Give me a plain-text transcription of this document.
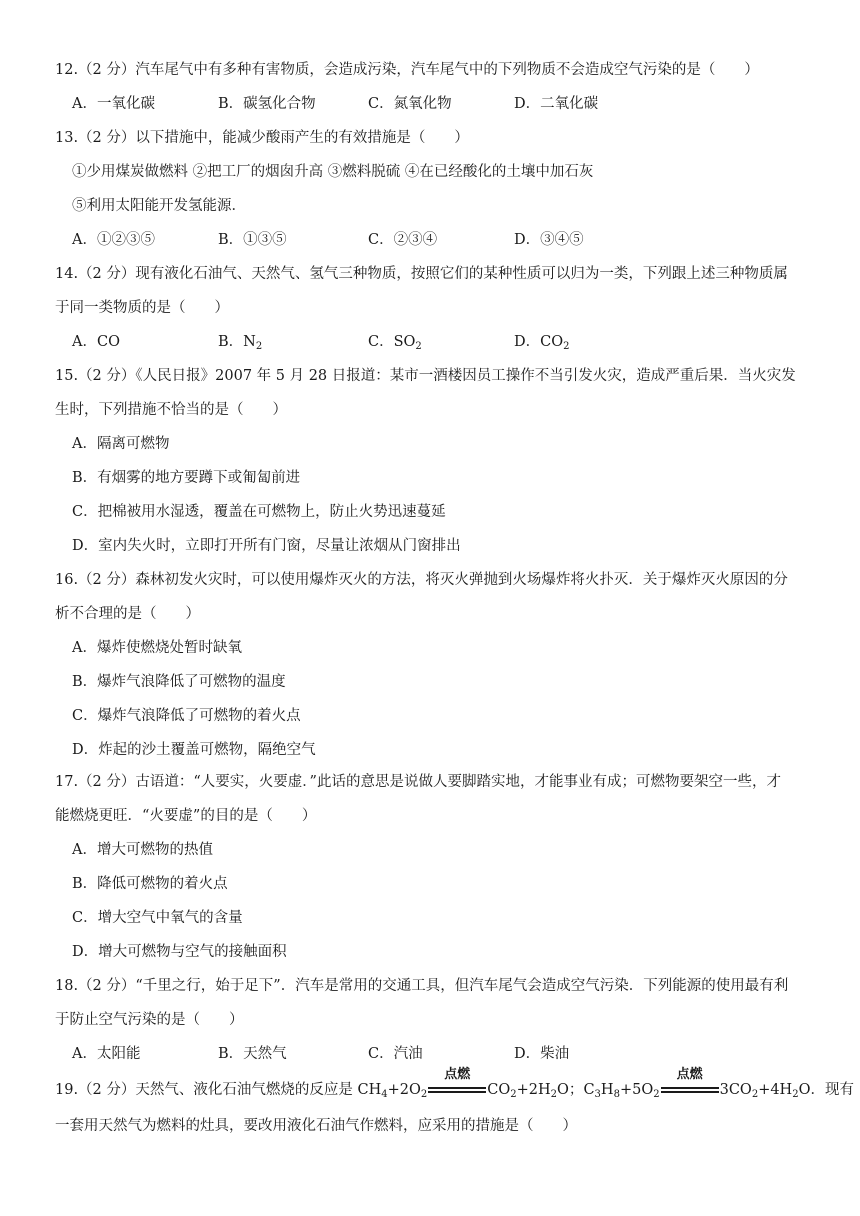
12.（2 分）汽车尾气中有多种有害物质，会造成污染，汽车尾气中的下列物质不会造成空气污染的是（　　）
A．一氧化碳	B．碳氢化合物	C．氮氧化物	D．二氧化碳
13.（2 分）以下措施中，能减少酸雨产生的有效措施是（　　）
①少用煤炭做燃料 ②把工厂的烟囱升高 ③燃料脱硫 ④在已经酸化的土壤中加石灰
⑤利用太阳能开发氢能源．
A．①②③⑤	B．①③⑤	C．②③④	D．③④⑤
14.（2 分）现有液化石油气、天然气、氢气三种物质，按照它们的某种性质可以归为一类，下列跟上述三种物质属
于同一类物质的是（　　）
A．CO	B．$N_2$	C．$SO_2$	D．$CO_2$
15.（2 分）《人民日报》2007 年 5 月 28 日报道：某市一酒楼因员工操作不当引发火灾，造成严重后果．当火灾发
生时，下列措施不恰当的是（　　）
A．隔离可燃物
B．有烟雾的地方要蹲下或匍匐前进
C．把棉被用水湿透，覆盖在可燃物上，防止火势迅速蔓延
D．室内失火时，立即打开所有门窗，尽量让浓烟从门窗排出
16.（2 分）森林初发火灾时，可以使用爆炸灭火的方法，将灭火弹抛到火场爆炸将火扑灭．关于爆炸灭火原因的分
析不合理的是（　　）
A．爆炸使燃烧处暂时缺氧
B．爆炸气浪降低了可燃物的温度
C．爆炸气浪降低了可燃物的着火点
D．炸起的沙土覆盖可燃物，隔绝空气
17.（2 分）古语道：“人要实，火要虚．”此话的意思是说做人要脚踏实地，才能事业有成；可燃物要架空一些，才
能燃烧更旺．“火要虚”的目的是（　　）
A．增大可燃物的热值
B．降低可燃物的着火点
C．增大空气中氧气的含量
D．增大可燃物与空气的接触面积
18.（2 分）“千里之行，始于足下”．汽车是常用的交通工具，但汽车尾气会造成空气污染．下列能源的使用最有利
于防止空气污染的是（　　）
A．太阳能	B．天然气	C．汽油	D．柴油
19.（2 分）天然气、液化石油气燃烧的反应是 $CH_4+2O_2$
点燃
$CO_2+2H_2O$；$C_3H_8+5O_2$
点燃
$3CO_2+4H_2O$．现有
一套用天然气为燃料的灶具，要改用液化石油气作燃料，应采用的措施是（　　）
